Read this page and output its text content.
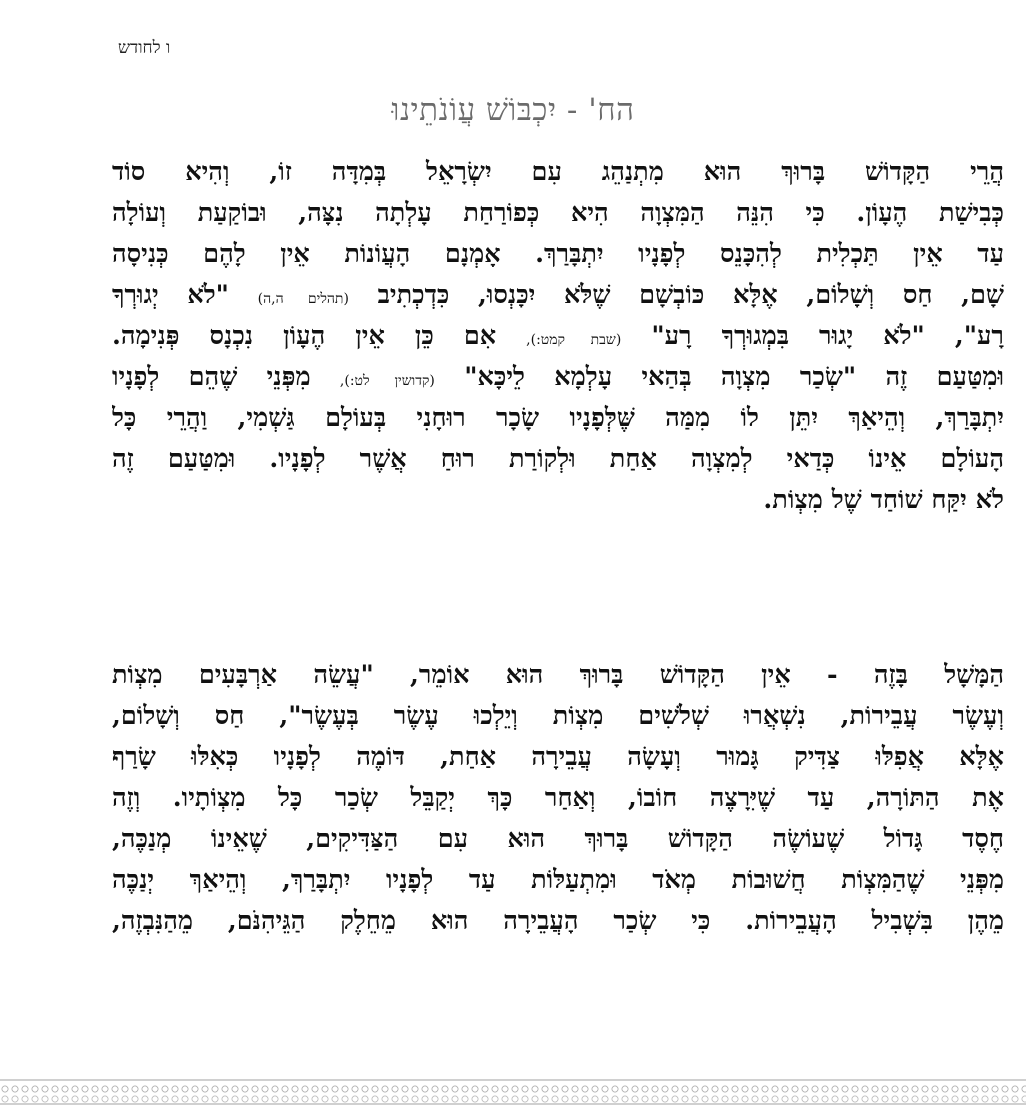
ו לחודש
הח' - יִכְבּוֹשׁ עֲוֹנֹתֵינוּ
הֲרֵי הַקָּדוֹשׁ בָּרוּךְ הוּא מִתְנַהֵג עִם יִשְׂרָאֵל בְּמִדָּה זוֹ, וְהִיא סוֹד
כְּבִישַׁת הֶעָוֹן. כִּי הִנֵּה הַמִּצְוָה הִיא כְּפוֹרַחַת עָלְתָה נִצָּה, וּבוֹקַעַת וְעוֹלָה
עַד אֵין תַּכְלִית לְהִכָּנֵס לְפָנָיו יִתְבָּרַךְ. אָמְנָם הָעֲוֹנוֹת אֵין לָהֶם כְּנִיסָה
שָׁם, חַס וְשָׁלוֹם, אֶלָּא כּוֹבְשָׁם שֶׁלֹּא יִכָּנְסוּ, כִּדְכְתִיב (תהלים ה,ה) "לֹא יְגוּרְךָ
רָע", "לֹא יָגוּר בִּמְגוּרְךָ רָע" (שבת קמט:), אִם כֵּן אֵין הֶעָוֹן נִכְנָס פְּנִימָה.
וּמִטַּעַם זֶה "שְׂכַר מִצְוָה בְּהַאי עָלְמָא לֵיכָּא" (קדושין לט:), מִפְּנֵי שֶׁהֵם לְפָנָיו
יִתְבָּרַךְ, וְהֵיאַךְ יִתֵּן לוֹ מִמַּה שֶּׁלְּפָנָיו שָׂכָר רוּחָנִי בְּעוֹלָם גַּשְׁמִי, וַהֲרֵי כָּל
הָעוֹלָם אֵינוֹ כְּדַאי לְמִצְוָה אַחַת וּלְקוֹרַת רוּחַ אֲשֶׁר לְפָנָיו. וּמִטַּעַם זֶה
לֹא יִקַּח שׁוֹחַד שֶׁל מִצְוֹת.
הַמָּשָׁל בָּזֶה - אֵין הַקָּדוֹשׁ בָּרוּךְ הוּא אוֹמֵר, "עֲשֵׂה אַרְבָּעִים מִצְוֹת
וְעֶשֶׂר עֲבֵירוֹת, נִשְׁאֲרוּ שְׁלֹשִׁים מִצְוֹת וְיֵלְכוּ עֶשֶׂר בְּעֶשֶׂר", חַס וְשָׁלוֹם,
אֶלָּא אֲפִלּוּ צַדִּיק גָּמוּר וְעָשָׂה עֲבֵירָה אַחַת, דּוֹמֶה לְפָנָיו כְּאִלּוּ שָׂרַף
אֶת הַתּוֹרָה, עַד שֶׁיִּרָצֶה חוֹבוֹ, וְאַחַר כָּךְ יְקַבֵּל שְׂכַר כָּל מִצְוֹתָיו. וְזֶה
חֶסֶד גָּדוֹל שֶׁעוֹשֶׂה הַקָּדוֹשׁ בָּרוּךְ הוּא עִם הַצַּדִּיקִים, שֶׁאֵינוֹ מְנַכֶּה,
מִפְּנֵי שֶׁהַמִּצְוֹת חֲשׁוּבוֹת מְאֹד וּמִתְעַלּוֹת עַד לְפָנָיו יִתְבָּרַךְ, וְהֵיאַךְ יְנַכֶּה
מֵהֶן בִּשְׁבִיל הָעֲבֵירוֹת. כִּי שְׂכַר הָעֲבֵירָה הוּא מֵחֵלֶק הַגֵּיהִנֹּם, מֵהַנִּבְזֶה,
